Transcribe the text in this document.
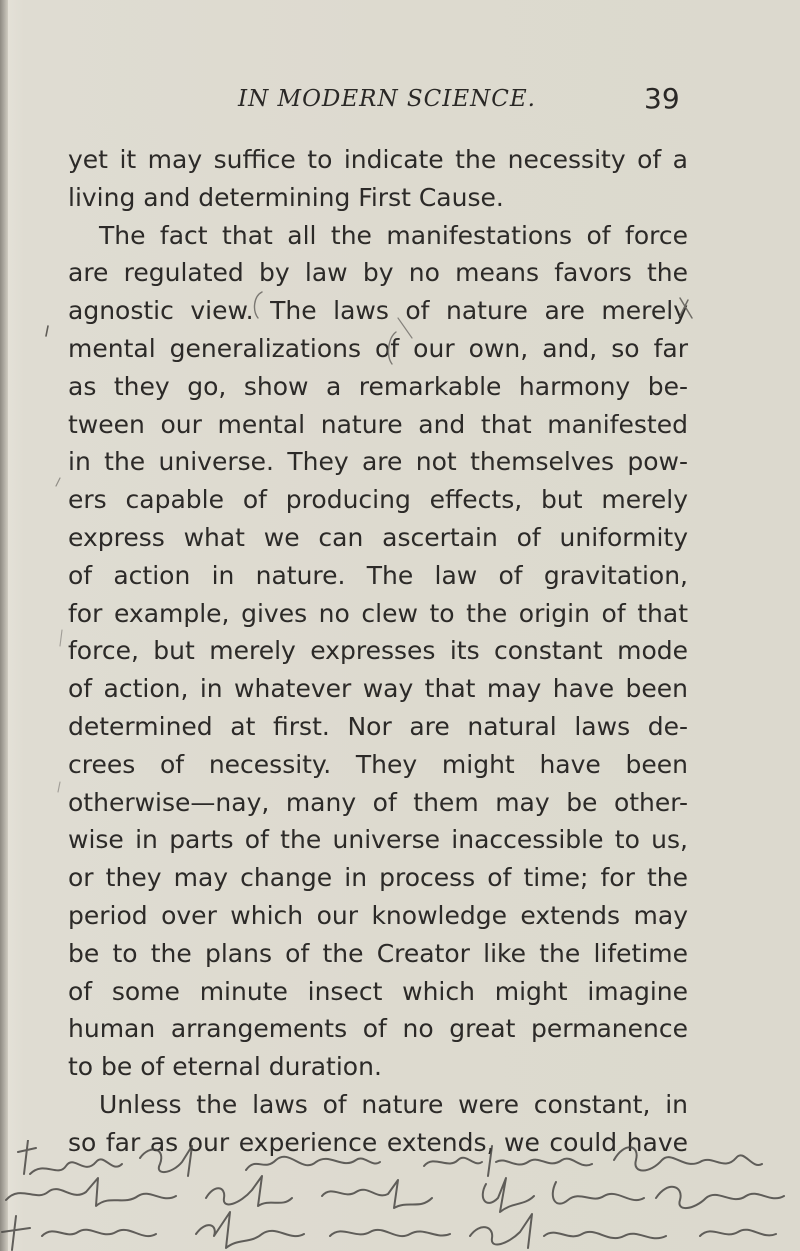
IN MODERN SCIENCE.	39
yet it may suffice to indicate the necessity of a
living and determining First Cause.
The fact that all the manifestations of force
are regulated by law by no means favors the
agnostic view. The laws of nature are merely
mental generalizations of our own, and, so far
as they go, show a remarkable harmony be-
tween our mental nature and that manifested
in the universe. They are not themselves pow-
ers capable of producing effects, but merely
express what we can ascertain of uniformity
of action in nature. The law of gravitation,
for example, gives no clew to the origin of that
force, but merely expresses its constant mode
of action, in whatever way that may have been
determined at first. Nor are natural laws de-
crees of necessity. They might have been
otherwise—nay, many of them may be other-
wise in parts of the universe inaccessible to us,
or they may change in process of time; for the
period over which our knowledge extends may
be to the plans of the Creator like the lifetime
of some minute insect which might imagine
human arrangements of no great permanence
to be of eternal duration.
Unless the laws of nature were constant, in
so far as our experience extends, we could have
